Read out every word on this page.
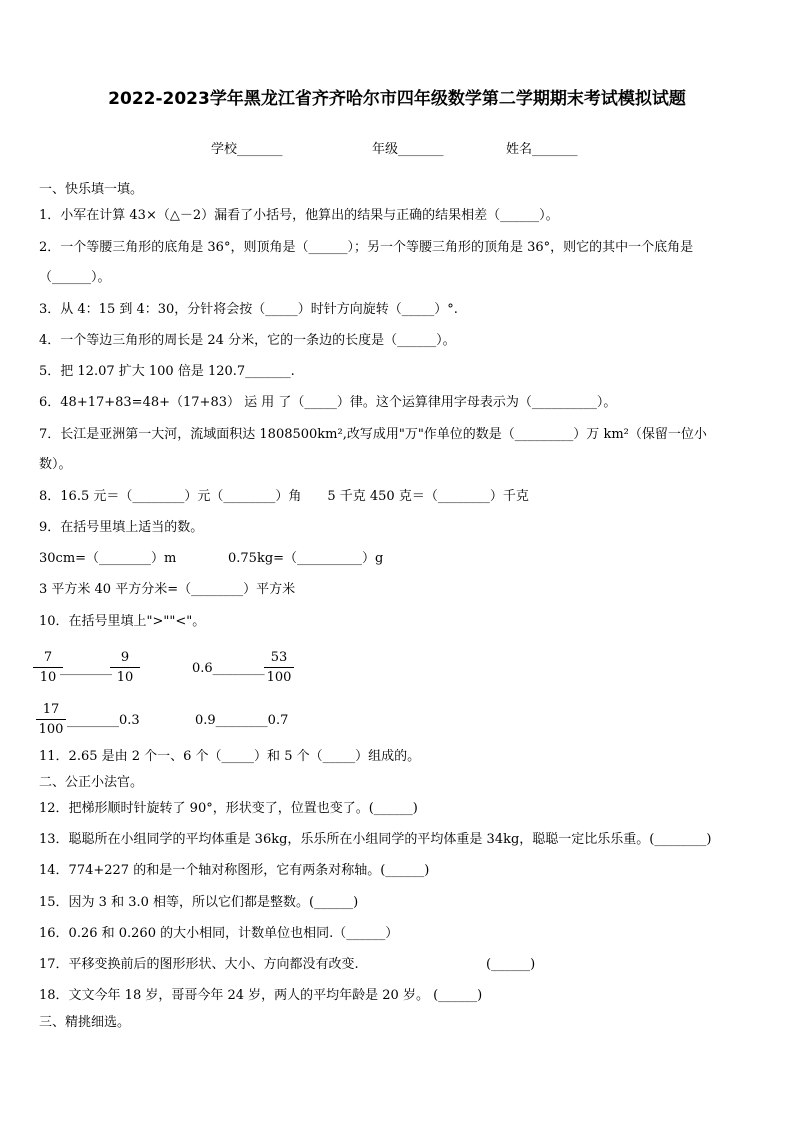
2022-2023学年黑龙江省齐齐哈尔市四年级数学第二学期期末考试模拟试题
学校_______	年级_______	姓名_______
一、快乐填一填。
1．小军在计算 43×（△－2）漏看了小括号，他算出的结果与正确的结果相差（______）。
2．一个等腰三角形的底角是 36°，则顶角是（______）；另一个等腰三角形的顶角是 36°，则它的其中一个底角是
（______）。
3．从 4：15 到 4：30，分针将会按（_____）时针方向旋转（_____）°.
4．一个等边三角形的周长是 24 分米，它的一条边的长度是（______）。
5．把 12.07 扩大 100 倍是 120.7_______.
6．48+17+83=48+（17+83） 运 用 了（_____）律。这个运算律用字母表示为（__________）。
7．长江是亚洲第一大河，流域面积达 1808500km²,改写成用"万"作单位的数是（_________）万 km²（保留一位小
数）。
8．16.5 元＝（________）元（________）角　　5 千克 450 克＝（________）千克
9．在括号里填上适当的数。
30cm=（________）m	0.75kg=（__________）g
3 平方米 40 平方分米=（________）平方米
10．在括号里填上">""<"。
7
10
________
9
10
0.6________
53
100
17
100
________0.3	0.9________0.7
11．2.65 是由 2 个一、6 个（_____）和 5 个（_____）组成的。
二、公正小法官。
12．把梯形顺时针旋转了 90°，形状变了，位置也变了。(______)
13．聪聪所在小组同学的平均体重是 36kg，乐乐所在小组同学的平均体重是 34kg，聪聪一定比乐乐重。(________)
14．774+227 的和是一个轴对称图形，它有两条对称轴。(______)
15．因为 3 和 3.0 相等，所以它们都是整数。(______)
16．0.26 和 0.260 的大小相同，计数单位也相同.（______）
17．平移变换前后的图形形状、大小、方向都没有改变.	(______)
18．文文今年 18 岁，哥哥今年 24 岁，两人的平均年龄是 20 岁。 (______)
三、精挑细选。
